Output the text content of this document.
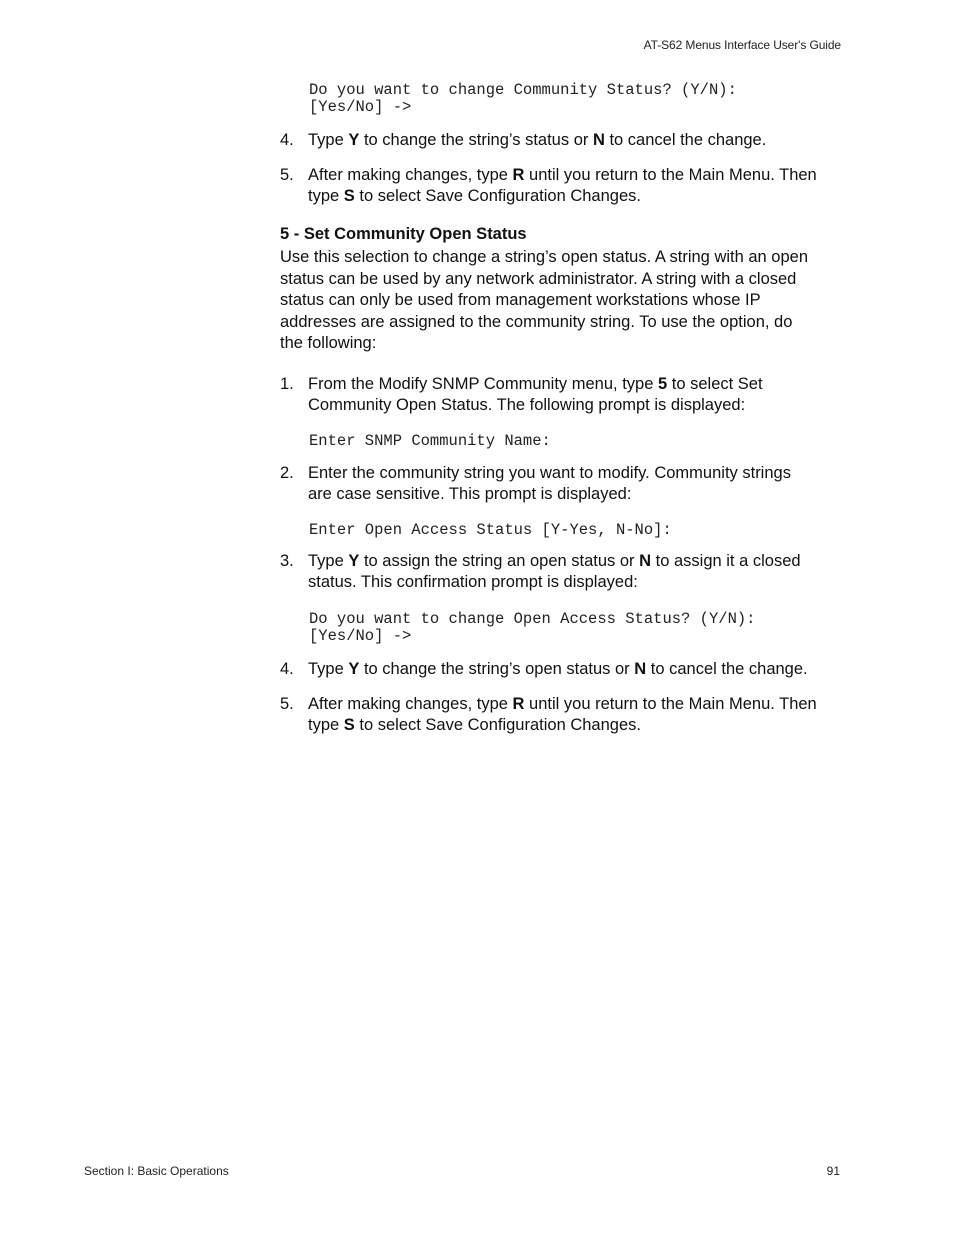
AT-S62 Menus Interface User's Guide
Do you want to change Community Status? (Y/N):
[Yes/No] ->
4. Type Y to change the string’s status or N to cancel the change.
5. After making changes, type R until you return to the Main Menu. Then
type S to select Save Configuration Changes.
5 - Set Community Open Status
Use this selection to change a string’s open status. A string with an open
status can be used by any network administrator. A string with a closed
status can only be used from management workstations whose IP
addresses are assigned to the community string. To use the option, do
the following:
1. From the Modify SNMP Community menu, type 5 to select Set
Community Open Status. The following prompt is displayed:
Enter SNMP Community Name:
2. Enter the community string you want to modify. Community strings
are case sensitive. This prompt is displayed:
Enter Open Access Status [Y-Yes, N-No]:
3. Type Y to assign the string an open status or N to assign it a closed
status. This confirmation prompt is displayed:
Do you want to change Open Access Status? (Y/N):
[Yes/No] ->
4. Type Y to change the string’s open status or N to cancel the change.
5. After making changes, type R until you return to the Main Menu. Then
type S to select Save Configuration Changes.
Section I: Basic Operations	91
